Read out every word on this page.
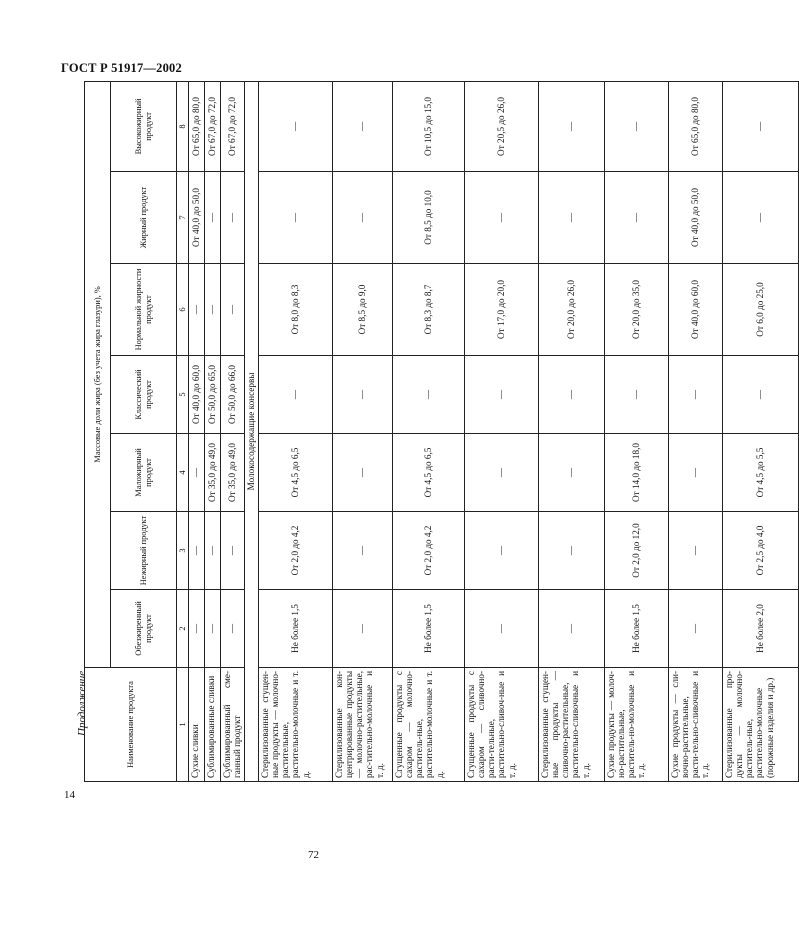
ГОСТ Р 51917—2002
Продолжение
14
72
Наименование продукта	Массовые доли жира (без учета жира глазури), %						
	Обезжиренный продукт	Нежирный продукт	Маложирный продукт	Классический продукт	Нормальной жирности продукт	Жирный продукт	Высокожирный продукт
1	2	3	4	5	6	7	8
Сухие сливки	—	—	—	От 40,0 до 60,0	—	От 40,0 до 50,0	От 65,0 до 80,0
Сублимированные сливки	—	—	От 35,0 до 49,0	От 50,0 до 65,0	—	—	От 67,0 до 72,0
Сублимированный сме-ганный продукт	—	—	От 35,0 до 49,0	От 50,0 до 66,0	—	—	От 67,0 до 72,0
Молокосодержащие консервы							
Стерилизованные сгущен-ные продукты — молочно-растительные, растительно-молочные и т. д.	Не более 1,5	От 2,0 до 4,2	От 4,5 до 6,5	—	От 8,0 до 8,3	—	—
Стерилизованные кон-центрированные продукты — молочно-растительные, рас-тительно-молочные и т. д.	—	—	—	—	От 8,5 до 9,0	—	—
Сгущенные продукты с сахаром — молочно-раститель-ные, растительно-молочные и т. д.	Не более 1,5	От 2,0 до 4,2	От 4,5 до 6,5	—	От 8,3 до 8,7	От 8,5 до 10,0	От 10,5 до 15,0
Сгущенные продукты с сахаром — сливочно-расти-тельные, растительно-сливоч-ные и т. д.	—	—	—	—	От 17,0 до 20,0	—	От 20,5 до 26,0
Стерилизованные сгущен-ные продукты — сливочно-растительные, растительно-сливочные и т. д.	—	—	—	—	От 20,0 до 26,0	—	—
Сухие продукты — молоч-но-растительные, раститель-но-молочные и т. д.	Не более 1,5	От 2,0 до 12,0	От 14,0 до 18,0	—	От 20,0 до 35,0	—	—
Сухие продукты — сли-вочно-растительные, расти-тельно-сливочные и т. д.	—	—	—	—	От 40,0 до 60,0	От 40,0 до 50,0	От 65,0 до 80,0
Стерилизованные про-дукты — молочно-раститель-ные, растительно-молочные (порожные изделия и др.)	Не более 2,0	От 2,5 до 4,0	От 4,5 до 5,5	—	От 6,0 до 25,0	—	—
